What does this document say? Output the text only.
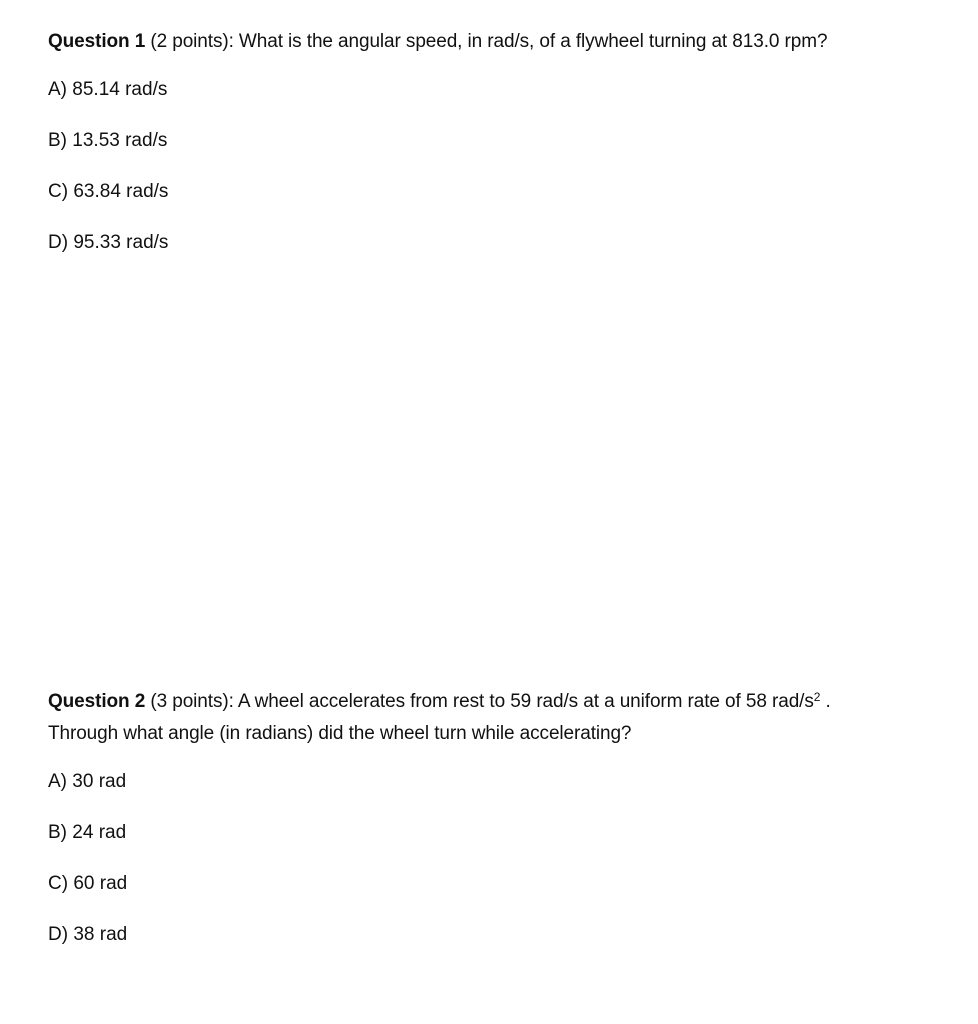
Question 1 (2 points): What is the angular speed, in rad/s, of a flywheel turning at 813.0 rpm?

A) 85.14 rad/s
B) 13.53 rad/s
C) 63.84 rad/s
D) 95.33 rad/s

Question 2 (3 points): A wheel accelerates from rest to 59 rad/s at a uniform rate of 58 rad/$s^2$ .
Through what angle (in radians) did the wheel turn while accelerating?

A) 30 rad
B) 24 rad
C) 60 rad
D) 38 rad
